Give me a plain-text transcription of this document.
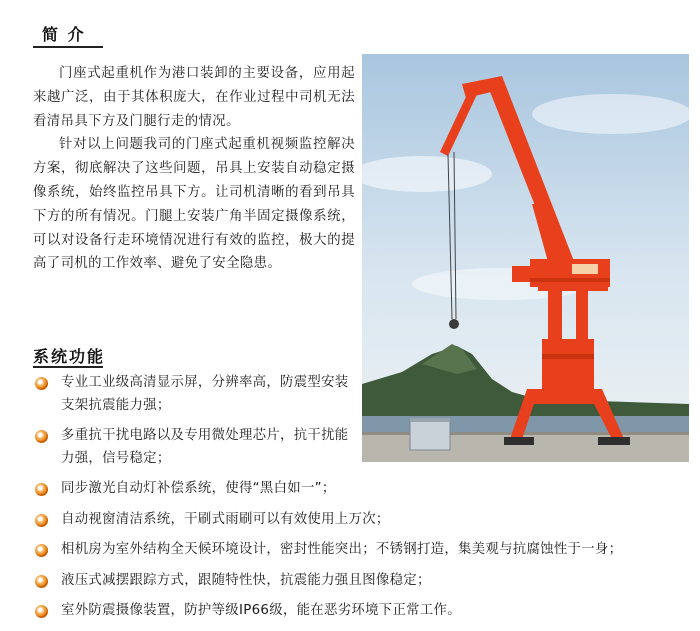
简 介

门座式起重机作为港口装卸的主要设备，应用起来越广泛，由于其体积庞大，在作业过程中司机无法看清吊具下方及门腿行走的情况。

针对以上问题我司的门座式起重机视频监控解决方案，彻底解决了这些问题，吊具上安装自动稳定摄像系统，始终监控吊具下方。让司机清晰的看到吊具下方的所有情况。门腿上安装广角半固定摄像系统，可以对设备行走环境情况进行有效的监控，极大的提高了司机的工作效率、避免了安全隐患。

系统功能
专业工业级高清显示屏，分辨率高，防震型安装支架抗震能力强；
多重抗干扰电路以及专用微处理芯片，抗干扰能力强，信号稳定；
同步激光自动灯补偿系统，使得“黑白如一”；
自动视窗清洁系统，干刷式雨刷可以有效使用上万次；
相机房为室外结构全天候环境设计，密封性能突出；不锈钢打造，集美观与抗腐蚀性于一身；
液压式减摆跟踪方式，跟随特性快，抗震能力强且图像稳定；
室外防震摄像装置，防护等级IP66级，能在恶劣环境下正常工作。
